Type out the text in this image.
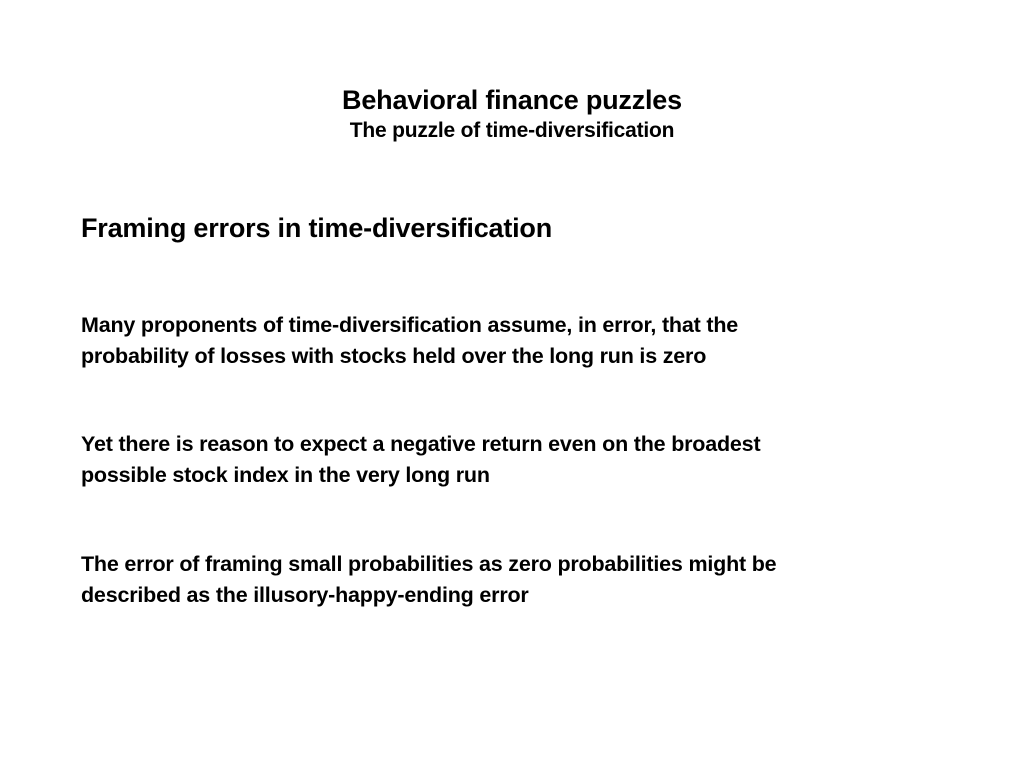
Behavioral finance puzzles
The puzzle of time-diversification
Framing errors in time-diversification
Many proponents of time-diversification assume, in error, that the
probability of losses with stocks held over the long run is zero
Yet there is reason to expect a negative return even on the broadest
possible stock index in the very long run
The error of framing small probabilities as zero probabilities might be
described as the illusory-happy-ending error
